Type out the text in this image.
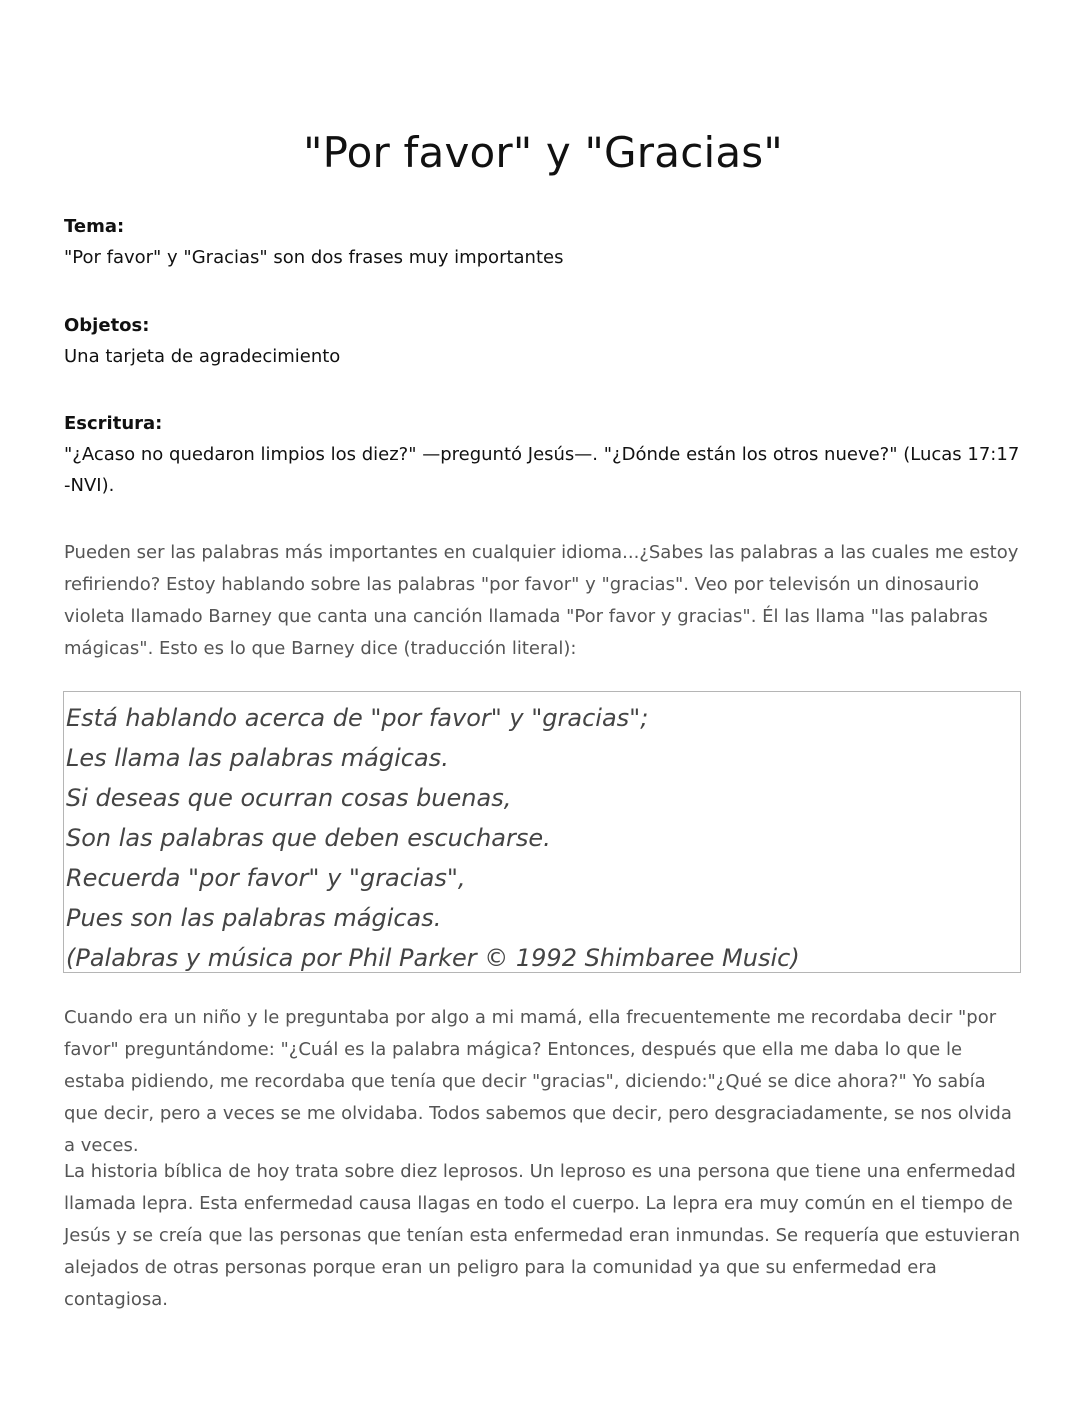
"Por favor" y "Gracias"
Tema:
"Por favor" y "Gracias" son dos frases muy importantes
Objetos:
Una tarjeta de agradecimiento
Escritura:
"¿Acaso no quedaron limpios los diez?" —preguntó Jesús—. "¿Dónde están los otros nueve?" (Lucas 17:17 -NVI).

Pueden ser las palabras más importantes en cualquier idioma...¿Sabes las palabras a las cuales me estoy refiriendo? Estoy hablando sobre las palabras "por favor" y "gracias". Veo por televisón un dinosaurio violeta llamado Barney que canta una canción llamada "Por favor y gracias". Él las llama "las palabras mágicas". Esto es lo que Barney dice (traducción literal):

Está hablando acerca de "por favor" y "gracias";
Les llama las palabras mágicas.
Si deseas que ocurran cosas buenas,
Son las palabras que deben escucharse.
Recuerda "por favor" y "gracias",
Pues son las palabras mágicas.
(Palabras y música por Phil Parker © 1992 Shimbaree Music)

Cuando era un niño y le preguntaba por algo a mi mamá, ella frecuentemente me recordaba decir "por favor" preguntándome: "¿Cuál es la palabra mágica? Entonces, después que ella me daba lo que le estaba pidiendo, me recordaba que tenía que decir "gracias", diciendo:"¿Qué se dice ahora?" Yo sabía que decir, pero a veces se me olvidaba. Todos sabemos que decir, pero desgraciadamente, se nos olvida a veces.

La historia bíblica de hoy trata sobre diez leprosos. Un leproso es una persona que tiene una enfermedad llamada lepra. Esta enfermedad causa llagas en todo el cuerpo. La lepra era muy común en el tiempo de Jesús y se creía que las personas que tenían esta enfermedad eran inmundas. Se requería que estuvieran alejados de otras personas porque eran un peligro para la comunidad ya que su enfermedad era contagiosa.
